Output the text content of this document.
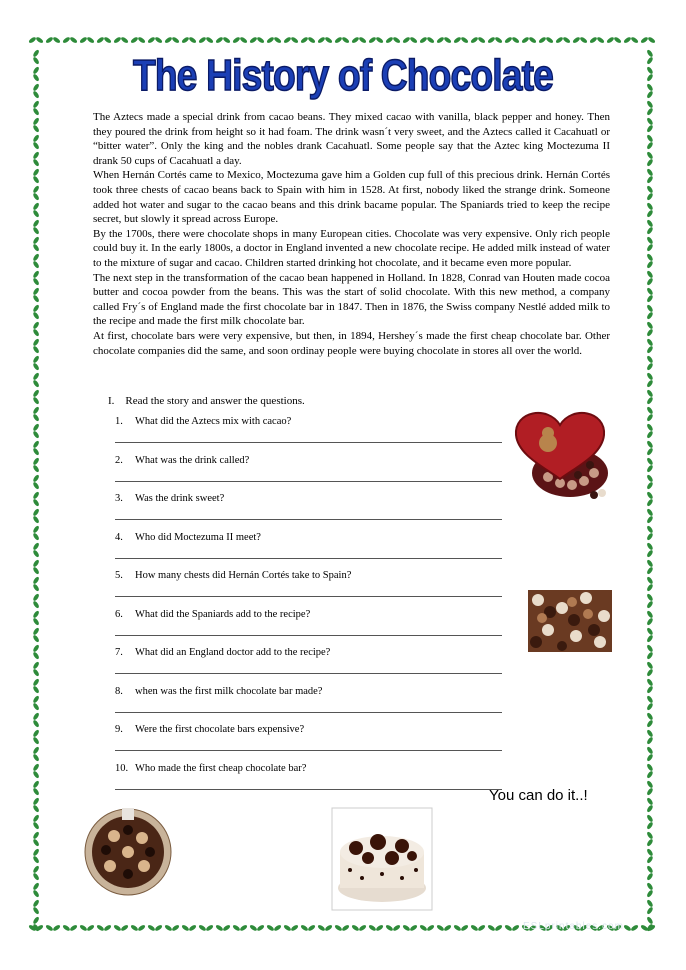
The History of Chocolate

The Aztecs made a special drink from cacao beans. They mixed cacao with vanilla, black pepper and honey. Then they poured the drink from height so it had foam. The drink wasn´t very sweet, and the Aztecs called it Cacahuatl or “bitter water”. Only the king and the nobles drank Cacahuatl. Some people say that the Aztec king Moctezuma II drank 50 cups of Cacahuatl a day.

When Hernán Cortés came to Mexico, Moctezuma gave him a Golden cup full of this precious drink. Hernán Cortés took three chests of cacao beans back to Spain with him in 1528. At first, nobody liked the strange drink. Someone added hot water and sugar to the cacao beans and this drink bacame popular. The Spaniards tried to keep the recipe secret, but slowly it spread across Europe.

By the 1700s, there were chocolate shops in many European cities. Chocolate was very expensive. Only rich people could buy it. In the early 1800s, a doctor in England invented a new chocolate recipe. He added milk instead of water to the mixture of sugar and cacao. Children started drinking hot chocolate, and it became even more popular.

The next step in the transformation of the cacao bean happened in Holland. In 1828, Conrad van Houten made cocoa butter and cocoa powder from the beans. This was the start of solid chocolate. With this new method, a company called Fry´s of England made the first chocolate bar in 1847. Then in 1876, the Swiss company Nestlé added milk to the recipe and made the first milk chocolate bar.

At first, chocolate bars were very expensive, but then, in 1894, Hershey´s made the first cheap chocolate bar. Other chocolate companies did the same, and soon ordinay people were buying chocolate in stores all over the world.

I. Read the story and answer the questions.
1. What did the Aztecs mix with cacao?
2. What was the drink called?
3. Was the drink sweet?
4. Who did Moctezuma II meet?
5. How many chests did Hernán Cortés take to Spain?
6. What did the Spaniards add to the recipe?
7. What did an England doctor add to the recipe?
8. when was the first milk chocolate bar made?
9. Were the first chocolate bars expensive?
10. Who made the first cheap chocolate bar?
You can do it..!
ESLprintables.com
